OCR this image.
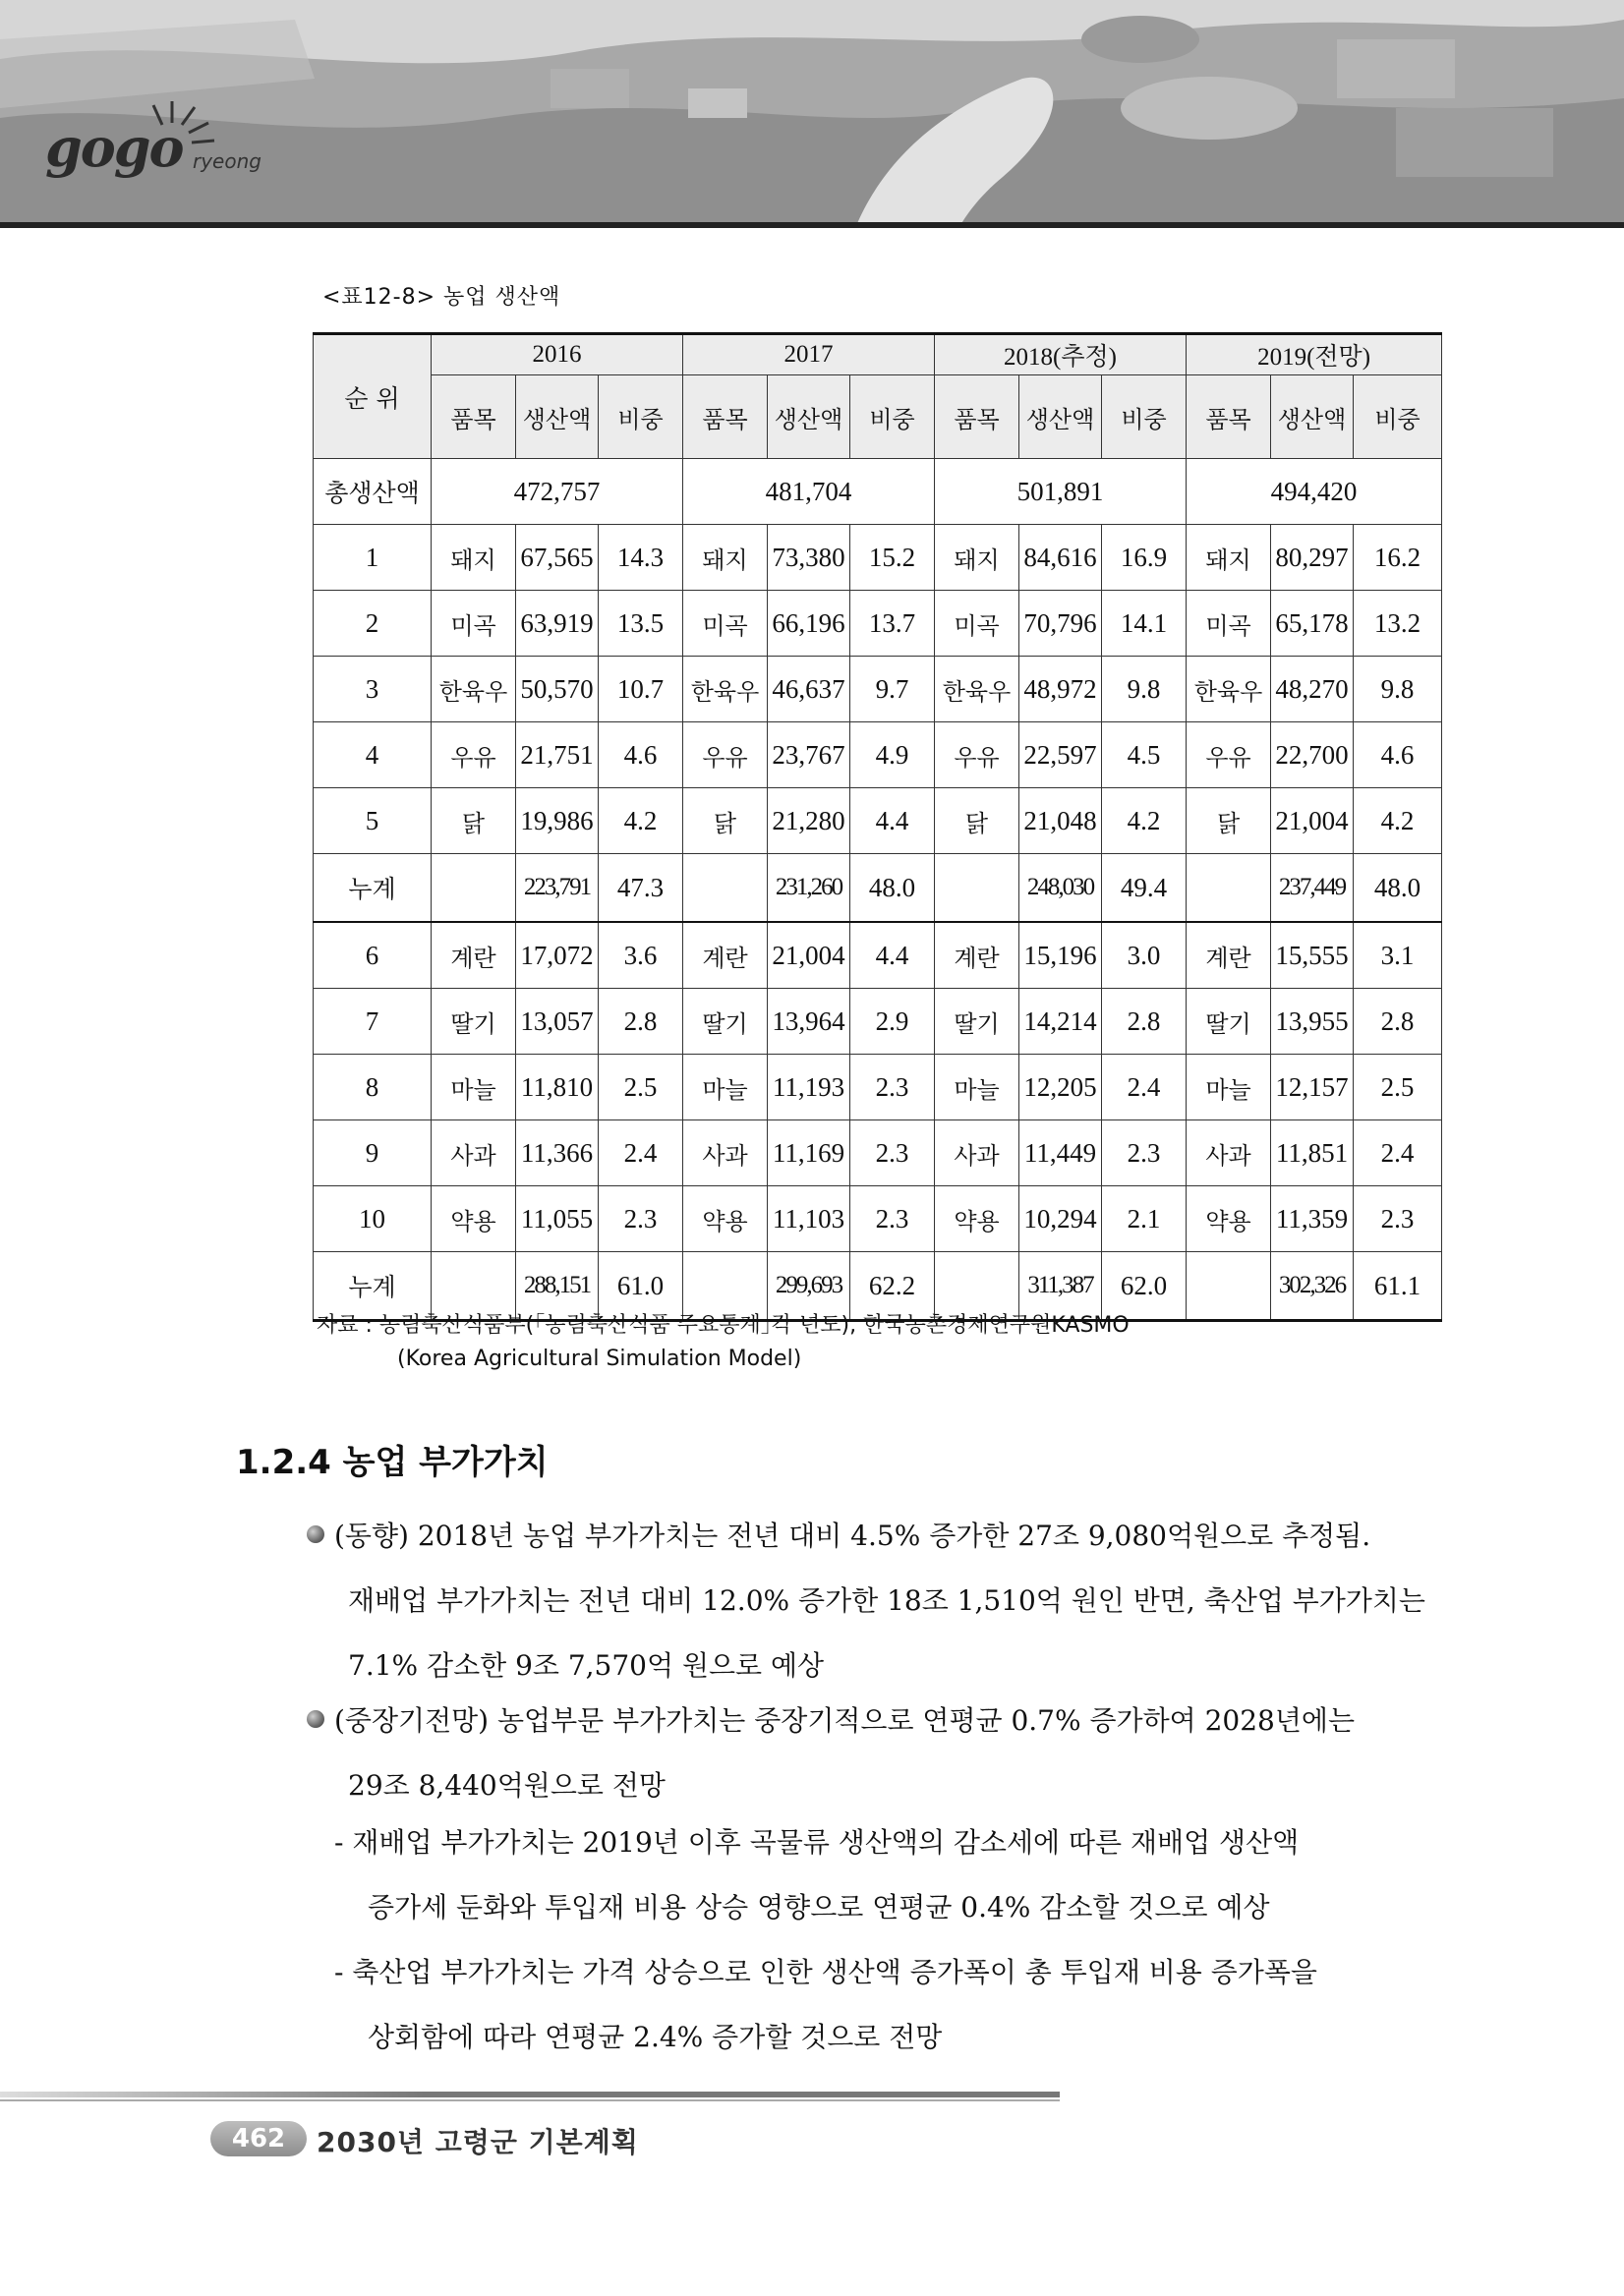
gogo ryeong
<표12-8> 농업 생산액
순 위	2016			2017			2018(추정)			2019(전망)		
	품목	생산액	비중	품목	생산액	비중	품목	생산액	비중	품목	생산액	비중
총생산액	472,757			481,704			501,891			494,420		
1	돼지	67,565	14.3	돼지	73,380	15.2	돼지	84,616	16.9	돼지	80,297	16.2
2	미곡	63,919	13.5	미곡	66,196	13.7	미곡	70,796	14.1	미곡	65,178	13.2
3	한육우	50,570	10.7	한육우	46,637	9.7	한육우	48,972	9.8	한육우	48,270	9.8
4	우유	21,751	4.6	우유	23,767	4.9	우유	22,597	4.5	우유	22,700	4.6
5	닭	19,986	4.2	닭	21,280	4.4	닭	21,048	4.2	닭	21,004	4.2
누계		223,791	47.3		231,260	48.0		248,030	49.4		237,449	48.0
6	계란	17,072	3.6	계란	21,004	4.4	계란	15,196	3.0	계란	15,555	3.1
7	딸기	13,057	2.8	딸기	13,964	2.9	딸기	14,214	2.8	딸기	13,955	2.8
8	마늘	11,810	2.5	마늘	11,193	2.3	마늘	12,205	2.4	마늘	12,157	2.5
9	사과	11,366	2.4	사과	11,169	2.3	사과	11,449	2.3	사과	11,851	2.4
10	약용	11,055	2.3	약용	11,103	2.3	약용	10,294	2.1	약용	11,359	2.3
누계		288,151	61.0		299,693	62.2		311,387	62.0		302,326	61.1
자료 : 농림축산식품부(｢농림축산식품 주요통계｣각 년도), 한국농촌경제연구원KASMO
(Korea Agricultural Simulation Model)
1.2.4 농업 부가가치
(동향) 2018년 농업 부가가치는 전년 대비 4.5% 증가한 27조 9,080억원으로 추정됨.
재배업 부가가치는 전년 대비 12.0% 증가한 18조 1,510억 원인 반면, 축산업 부가가치는
7.1% 감소한 9조 7,570억 원으로 예상
(중장기전망) 농업부문 부가가치는 중장기적으로 연평균 0.7% 증가하여 2028년에는
29조 8,440억원으로 전망
- 재배업 부가가치는 2019년 이후 곡물류 생산액의 감소세에 따른 재배업 생산액
증가세 둔화와 투입재 비용 상승 영향으로 연평균 0.4% 감소할 것으로 예상
- 축산업 부가가치는 가격 상승으로 인한 생산액 증가폭이 총 투입재 비용 증가폭을
상회함에 따라 연평균 2.4% 증가할 것으로 전망
462	2030년 고령군 기본계획
